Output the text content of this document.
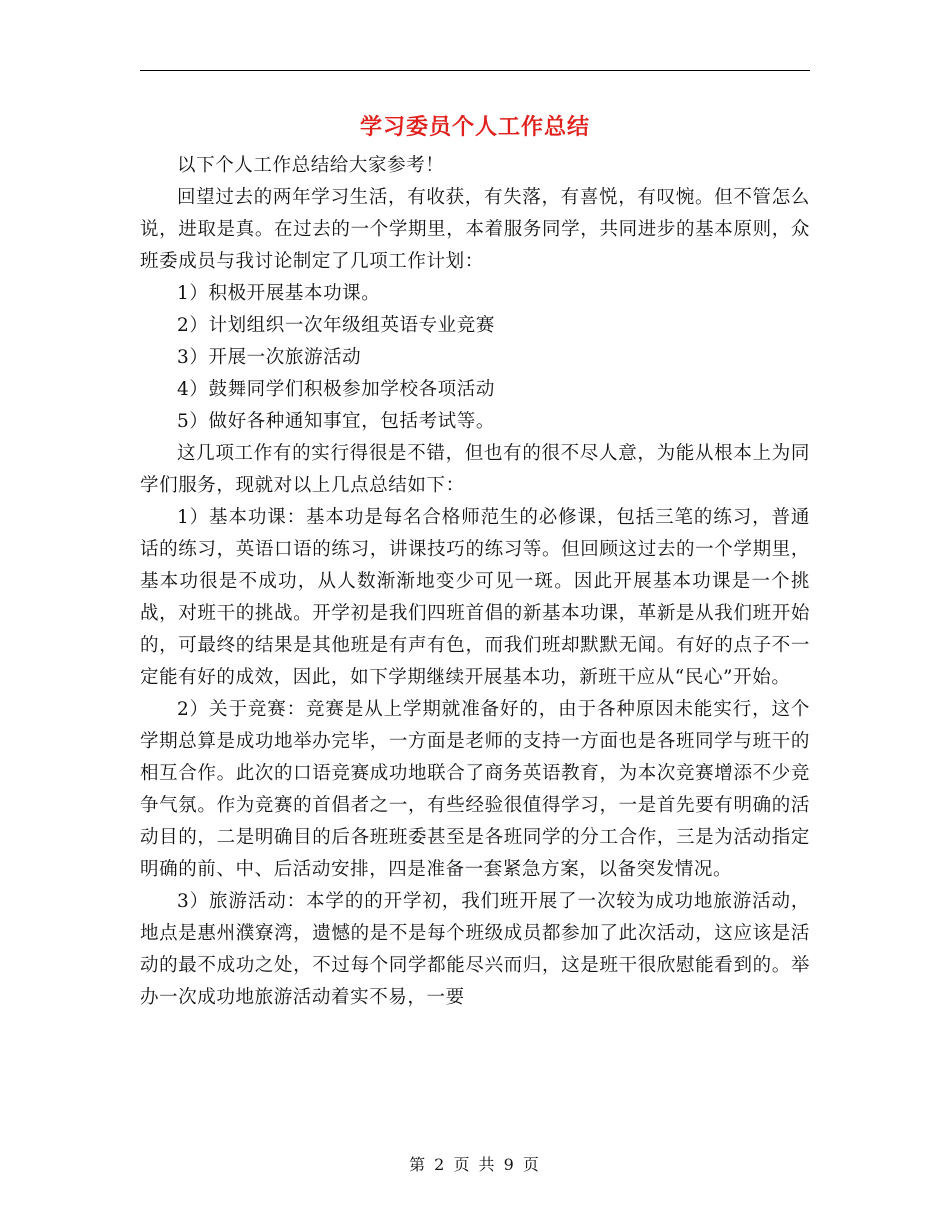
学习委员个人工作总结

以下个人工作总结给大家参考！

回望过去的两年学习生活，有收获，有失落，有喜悦，有叹惋。但不管怎么说，进取是真。在过去的一个学期里，本着服务同学，共同进步的基本原则，众班委成员与我讨论制定了几项工作计划：

1）积极开展基本功课。

2）计划组织一次年级组英语专业竞赛

3）开展一次旅游活动

4）鼓舞同学们积极参加学校各项活动

5）做好各种通知事宜，包括考试等。

这几项工作有的实行得很是不错，但也有的很不尽人意，为能从根本上为同学们服务，现就对以上几点总结如下：

1）基本功课：基本功是每名合格师范生的必修课，包括三笔的练习，普通话的练习，英语口语的练习，讲课技巧的练习等。但回顾这过去的一个学期里，基本功很是不成功，从人数渐渐地变少可见一斑。因此开展基本功课是一个挑战，对班干的挑战。开学初是我们四班首倡的新基本功课，革新是从我们班开始的，可最终的结果是其他班是有声有色，而我们班却默默无闻。有好的点子不一定能有好的成效，因此，如下学期继续开展基本功，新班干应从“民心”开始。

2）关于竞赛：竞赛是从上学期就准备好的，由于各种原因未能实行，这个学期总算是成功地举办完毕，一方面是老师的支持一方面也是各班同学与班干的相互合作。此次的口语竞赛成功地联合了商务英语教育，为本次竞赛增添不少竞争气氛。作为竞赛的首倡者之一，有些经验很值得学习，一是首先要有明确的活动目的，二是明确目的后各班班委甚至是各班同学的分工合作，三是为活动指定明确的前、中、后活动安排，四是准备一套紧急方案，以备突发情况。

3）旅游活动：本学的的开学初，我们班开展了一次较为成功地旅游活动，地点是惠州濮寮湾，遗憾的是不是每个班级成员都参加了此次活动，这应该是活动的最不成功之处，不过每个同学都能尽兴而归，这是班干很欣慰能看到的。举办一次成功地旅游活动着实不易，一要

第 2 页 共 9 页
